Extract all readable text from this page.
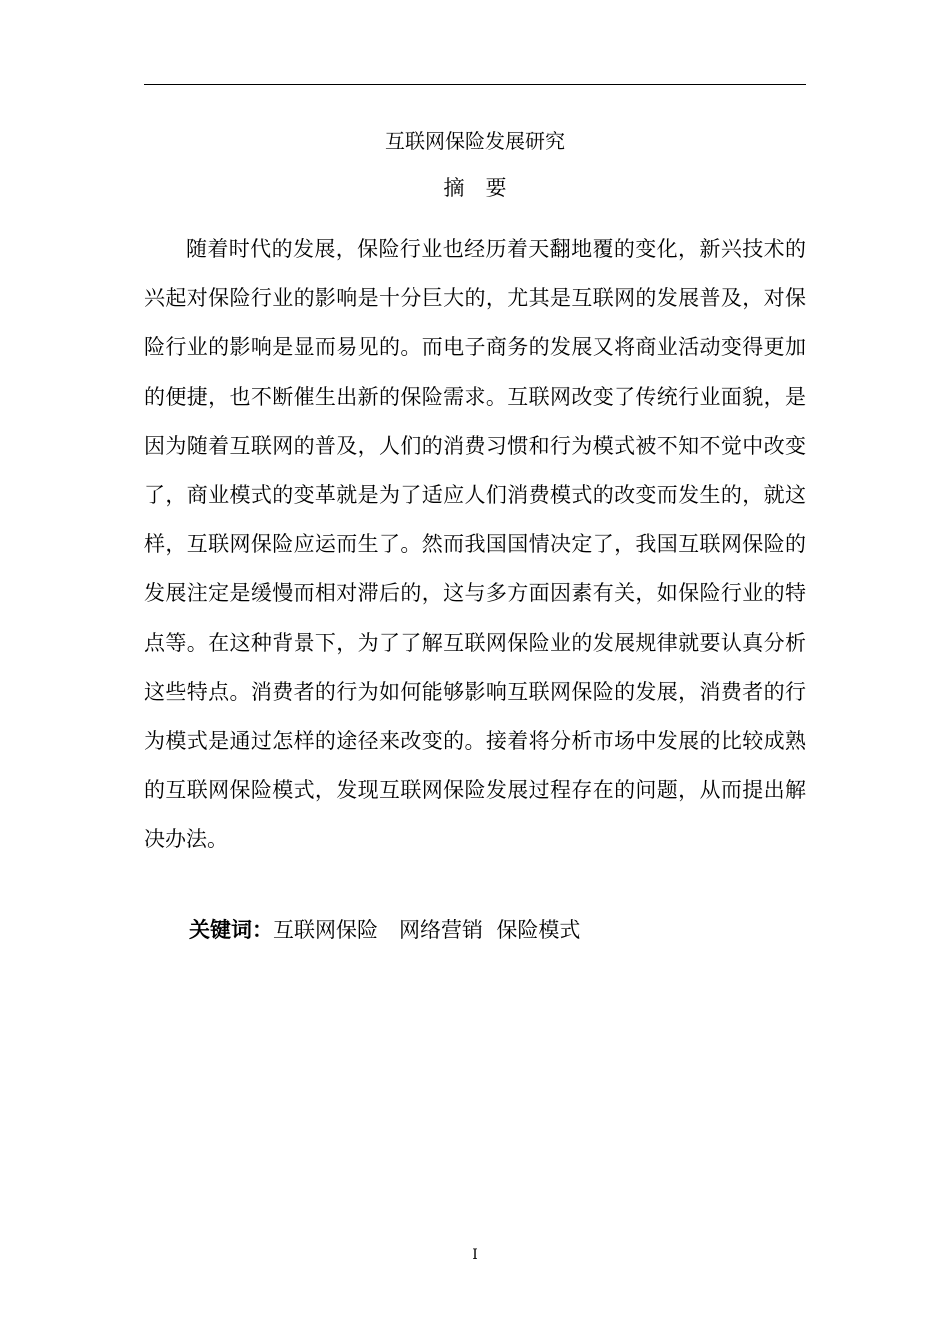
互联网保险发展研究
摘　要

随着时代的发展，保险行业也经历着天翻地覆的变化，新兴技术的兴起对保险行业的影响是十分巨大的，尤其是互联网的发展普及，对保险行业的影响是显而易见的。而电子商务的发展又将商业活动变得更加的便捷，也不断催生出新的保险需求。互联网改变了传统行业面貌，是因为随着互联网的普及，人们的消费习惯和行为模式被不知不觉中改变了，商业模式的变革就是为了适应人们消费模式的改变而发生的，就这样，互联网保险应运而生了。然而我国国情决定了，我国互联网保险的发展注定是缓慢而相对滞后的，这与多方面因素有关，如保险行业的特点等。在这种背景下，为了了解互联网保险业的发展规律就要认真分析这些特点。消费者的行为如何能够影响互联网保险的发展，消费者的行为模式是通过怎样的途径来改变的。接着将分析市场中发展的比较成熟的互联网保险模式，发现互联网保险发展过程存在的问题，从而提出解决办法。

关键词：互联网保险　网络营销  保险模式
I
